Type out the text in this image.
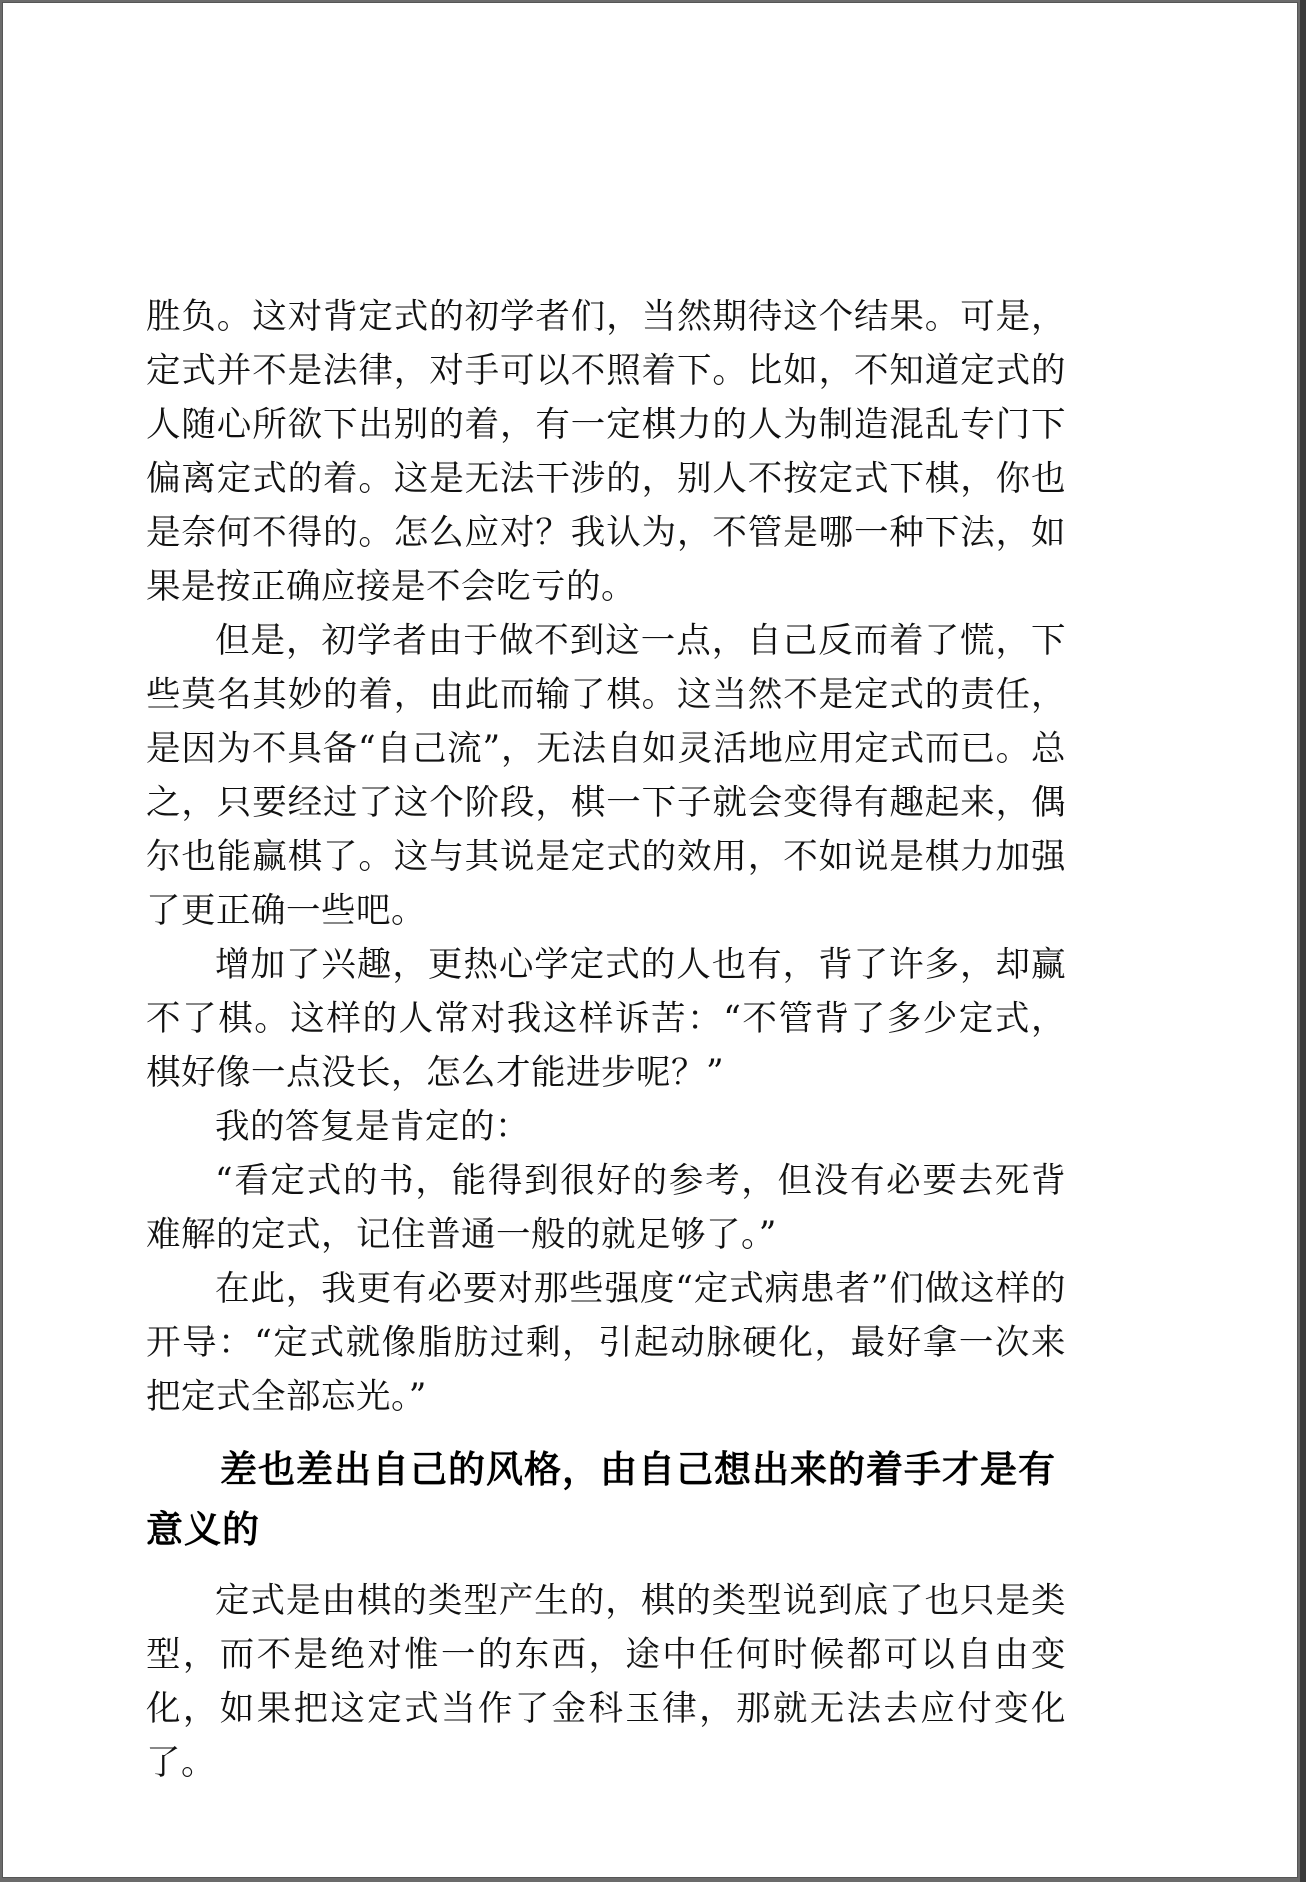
胜负。这对背定式的初学者们，当然期待这个结果。可是，定式并不是法律，对手可以不照着下。比如，不知道定式的人随心所欲下出别的着，有一定棋力的人为制造混乱专门下偏离定式的着。这是无法干涉的，别人不按定式下棋，你也是奈何不得的。怎么应对？我认为，不管是哪一种下法，如果是按正确应接是不会吃亏的。

但是，初学者由于做不到这一点，自己反而着了慌，下些莫名其妙的着，由此而输了棋。这当然不是定式的责任，是因为不具备“自己流”，无法自如灵活地应用定式而已。总之，只要经过了这个阶段，棋一下子就会变得有趣起来，偶尔也能赢棋了。这与其说是定式的效用，不如说是棋力加强了更正确一些吧。

增加了兴趣，更热心学定式的人也有，背了许多，却赢不了棋。这样的人常对我这样诉苦：“不管背了多少定式，棋好像一点没长，怎么才能进步呢？”

我的答复是肯定的：

“看定式的书，能得到很好的参考，但没有必要去死背难解的定式，记住普通一般的就足够了。”

在此，我更有必要对那些强度“定式病患者”们做这样的开导：“定式就像脂肪过剩，引起动脉硬化，最好拿一次来把定式全部忘光。”

差也差出自己的风格，由自己想出来的着手才是有意义的

定式是由棋的类型产生的，棋的类型说到底了也只是类型，而不是绝对惟一的东西，途中任何时候都可以自由变化，如果把这定式当作了金科玉律，那就无法去应付变化了。
